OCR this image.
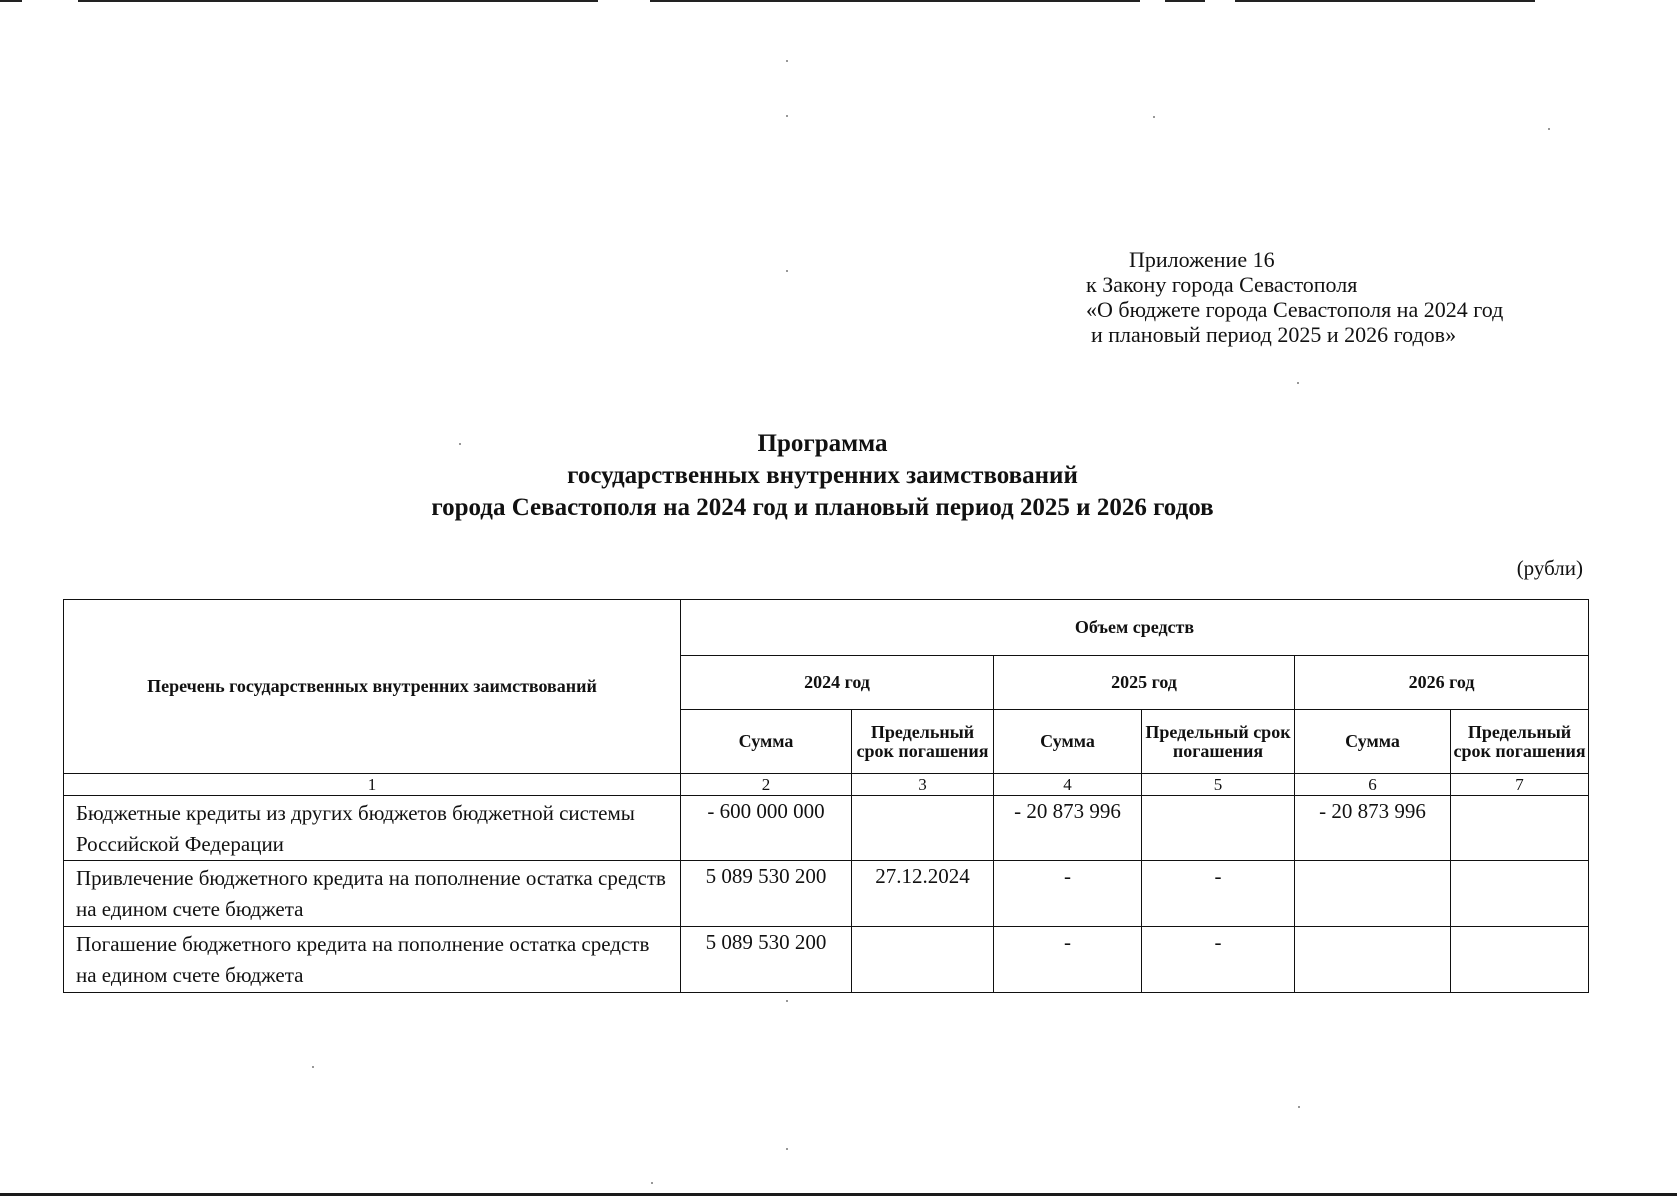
Приложение 16
к Закону города Севастополя
«О бюджете города Севастополя на 2024 год
и плановый период 2025 и 2026 годов»
Программа
государственных внутренних заимствований
города Севастополя на 2024 год и плановый период 2025 и 2026 годов
(рубли)
Перечень государственных внутренних заимствований	Объем средств					
	2024 год		2025 год		2026 год	
	Сумма	Предельный срок погашения	Сумма	Предельный срок погашения	Сумма	Предельный срок погашения
1	2	3	4	5	6	7
Бюджетные кредиты из других бюджетов бюджетной системы Российской Федерации	- 600 000 000		- 20 873 996		- 20 873 996	
Привлечение бюджетного кредита на пополнение остатка средств на едином счете бюджета	5 089 530 200	27.12.2024	-	-		
Погашение бюджетного кредита на пополнение остатка средств на едином счете бюджета	5 089 530 200		-	-		
